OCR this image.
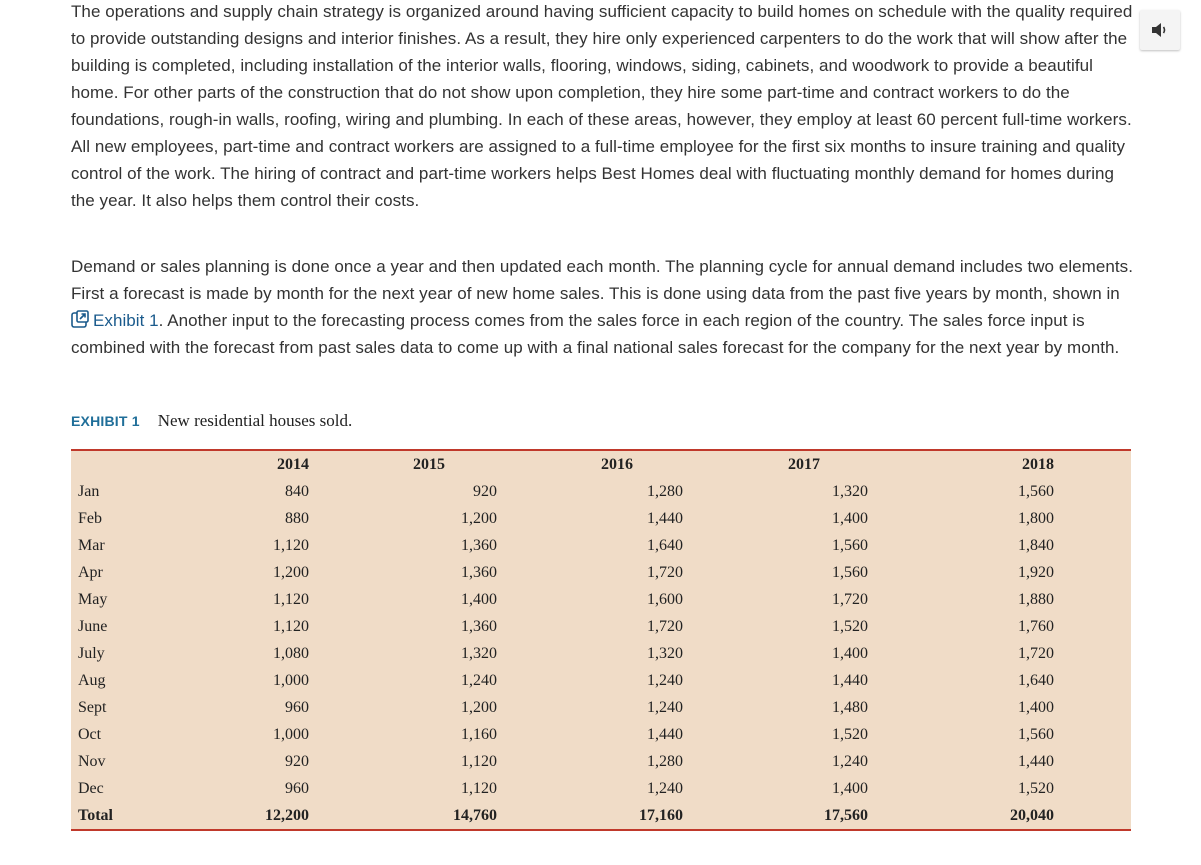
The operations and supply chain strategy is organized around having sufficient capacity to build homes on schedule with the quality required to provide outstanding designs and interior finishes. As a result, they hire only experienced carpenters to do the work that will show after the building is completed, including installation of the interior walls, flooring, windows, siding, cabinets, and woodwork to provide a beautiful home. For other parts of the construction that do not show upon completion, they hire some part-time and contract workers to do the foundations, rough-in walls, roofing, wiring and plumbing. In each of these areas, however, they employ at least 60 percent full-time workers. All new employees, part-time and contract workers are assigned to a full-time employee for the first six months to insure training and quality control of the work. The hiring of contract and part-time workers helps Best Homes deal with fluctuating monthly demand for homes during the year. It also helps them control their costs.

Demand or sales planning is done once a year and then updated each month. The planning cycle for annual demand includes two elements. First a forecast is made by month for the next year of new home sales. This is done using data from the past five years by month, shown in Exhibit 1. Another input to the forecasting process comes from the sales force in each region of the country. The sales force input is combined with the forecast from past sales data to come up with a final national sales forecast for the company for the next year by month.

EXHIBIT 1 New residential houses sold.
	2014	2015	2016	2017	2018	
Jan	840	920	1,280	1,320	1,560	
Feb	880	1,200	1,440	1,400	1,800	
Mar	1,120	1,360	1,640	1,560	1,840	
Apr	1,200	1,360	1,720	1,560	1,920	
May	1,120	1,400	1,600	1,720	1,880	
June	1,120	1,360	1,720	1,520	1,760	
July	1,080	1,320	1,320	1,400	1,720	
Aug	1,000	1,240	1,240	1,440	1,640	
Sept	960	1,200	1,240	1,480	1,400	
Oct	1,000	1,160	1,440	1,520	1,560	
Nov	920	1,120	1,280	1,240	1,440	
Dec	960	1,120	1,240	1,400	1,520	
Total	12,200	14,760	17,160	17,560	20,040	
